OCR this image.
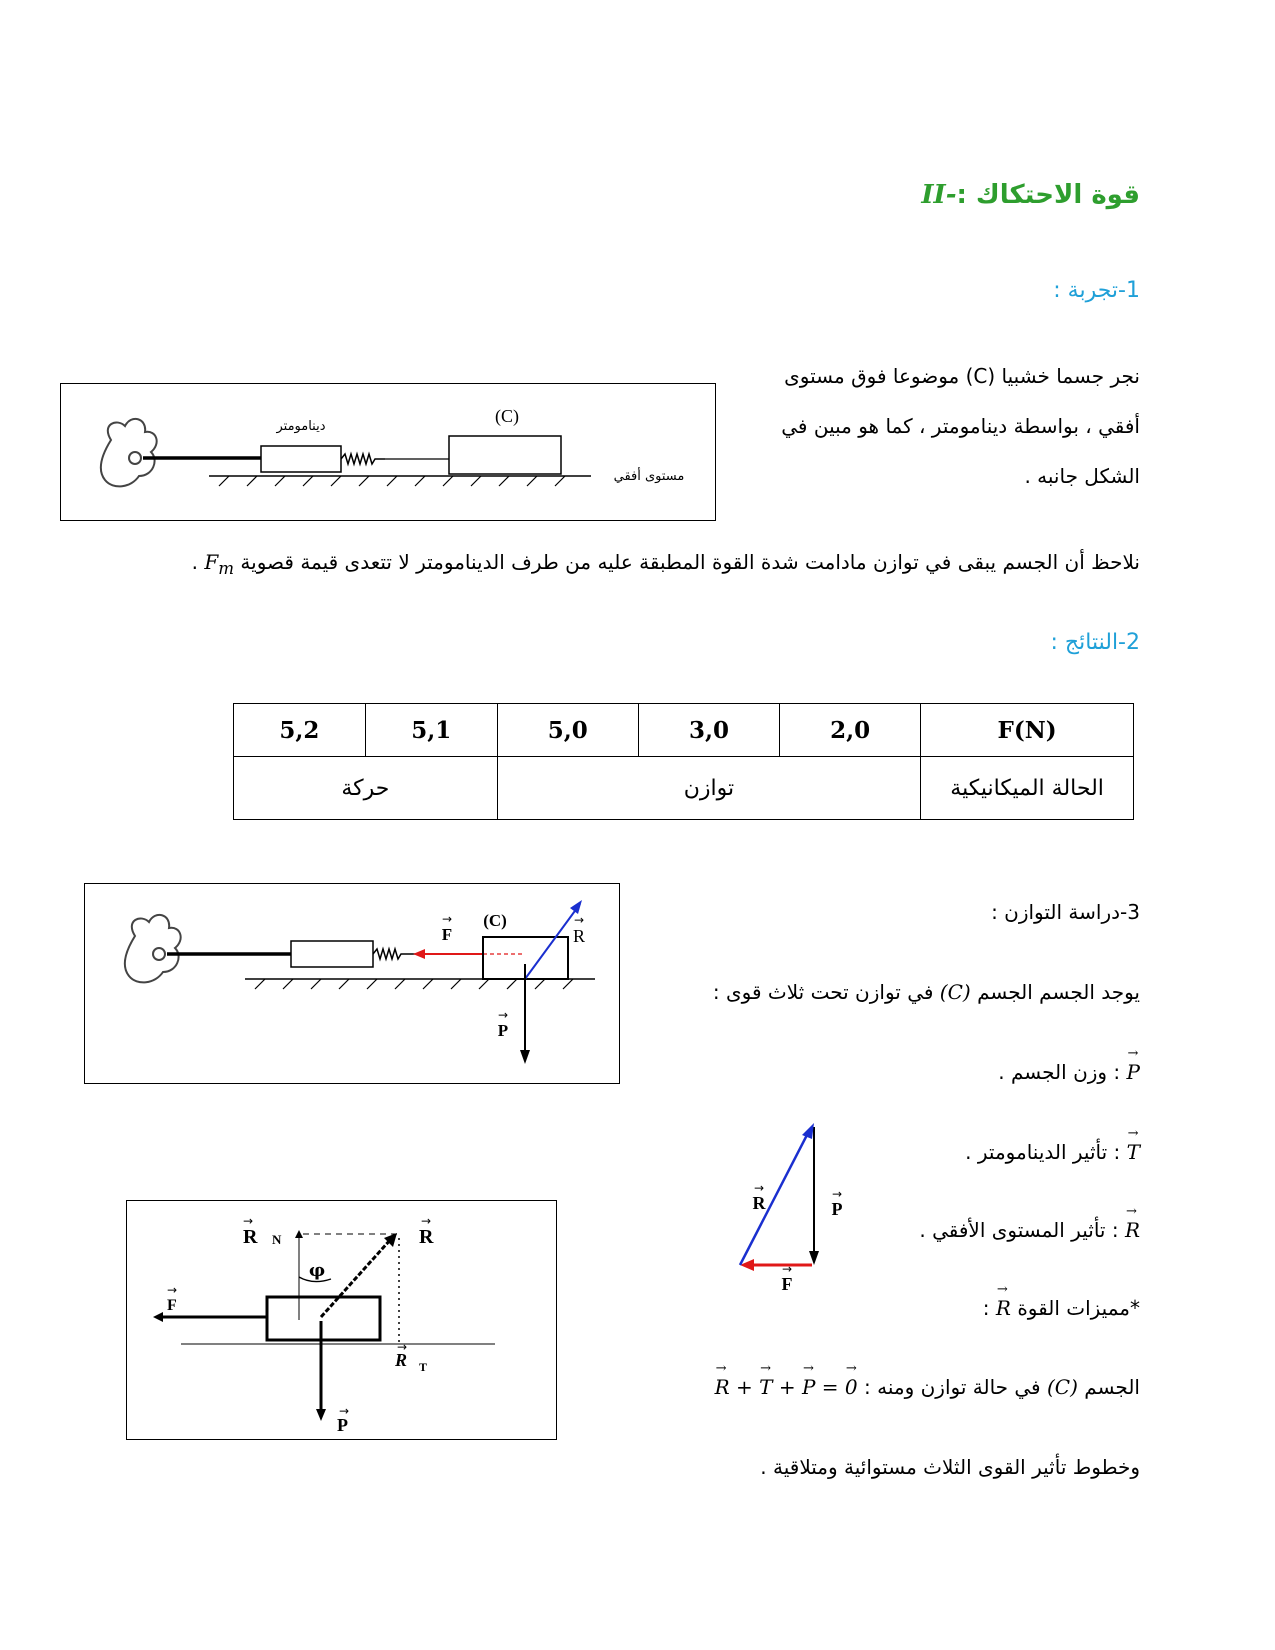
قوة الاحتكاك :-II
1-تجربة :
نجر جسما خشبيا (C) موضوعا فوق مستوى
أفقي ، بواسطة دينامومتر ، كما هو مبين في
الشكل جانبه .
(C)
دينامومتر
مستوى أفقي
نلاحظ أن الجسم يبقى في توازن مادامت شدة القوة المطبقة عليه من طرف الدينامومتر لا تتعدى قيمة قصوية $F_m$ .
2-النتائج :
F(N)	2,0	3,0	5,0	5,1	5,2
الحالة الميكانيكية	توازن			حركة	
3-دراسة التوازن :
يوجد الجسم الجسم (C) في توازن تحت ثلاث قوى :
→ P : وزن الجسم .
→ T : تأثير الدينامومتر .
→ R : تأثير المستوى الأفقي .
*مميزات القوة → R :
الجسم (C) في حالة توازن ومنه : → R + → T + → P = → 0
وخطوط تأثير القوى الثلاث مستوائية ومتلاقية .
(C)
F
→
R
→
P
→
R
→
P
→
F
→
R
→
N	R
→
φ
F
→
R
→
T
P
→
